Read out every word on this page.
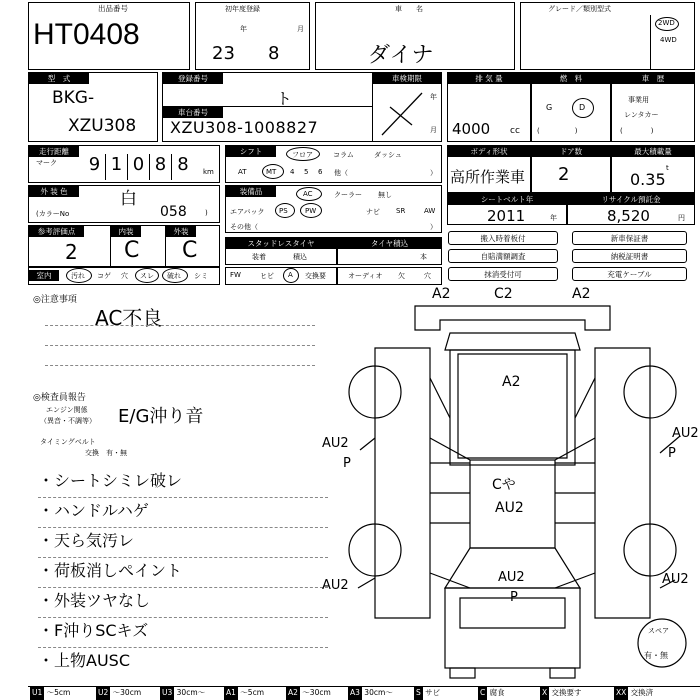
出品番号
HT0408
初年度登録
年	月
23 8
車　　名
ダイナ
グレード／類別型式
2WD
4WD
型　式
BKG-
XZU308
登録番号
ト
車台番号
XZU308-1008827
車検期限
年
月
排 気 量
4000 cc
燃　料
G	D
(　　　　　)
車　歴
事業用
レンタカー
(　　　　)
走行距離
マーク 9 1 0 8 8	km
シフト	フロア	コラム	ダッシュ
AT	MT 4 5 6 他（	）
ボディ形状
高所作業車
ドア数
2
最大積載量
0.35
t
外 装 色	白
(カラーNo	058	)
装備品	AC	クーラー 無し
エアバック PS PW	ナビ SR	AW
その他（	）
シートベルト年
2011	年
リサイクル預託金
8,520	円
参考評価点
2
内装
C
外装
C	スタッドレスタイヤ
装着	積込
タイヤ積込
本
搬入時着板付
自賠満額調査
抹消受付可
新車保証書
納税証明書
充電ケーブル
室内	汚れ コゲ 穴 スレ 破れ シミ	FW	ヒビ A 交換要	オーディオ 欠	穴
◎注意事項
AC不良
◎検査員報告
エンジン関係
（異音・不調等） E/G沖り音
タイミングベルト
交換　有・無
・シートシミレ破レ
・ハンドルハゲ
・天ら気汚レ
・荷板消しペイント
・外装ツヤなし
・F沖りSCキズ
・上物AUSC
A2	C2	A2
A2
AU2
P
AU2
P
Cや
AU2
AU2	AU2
AU2
P
スペア
有・無
U1 ～5cm	U2 ～30cm	U3 30cm～	A1 ～5cm	A2 ～30cm	A3 30cm～	S サビ	C 腐食	X 交換要す	XX 交換済
